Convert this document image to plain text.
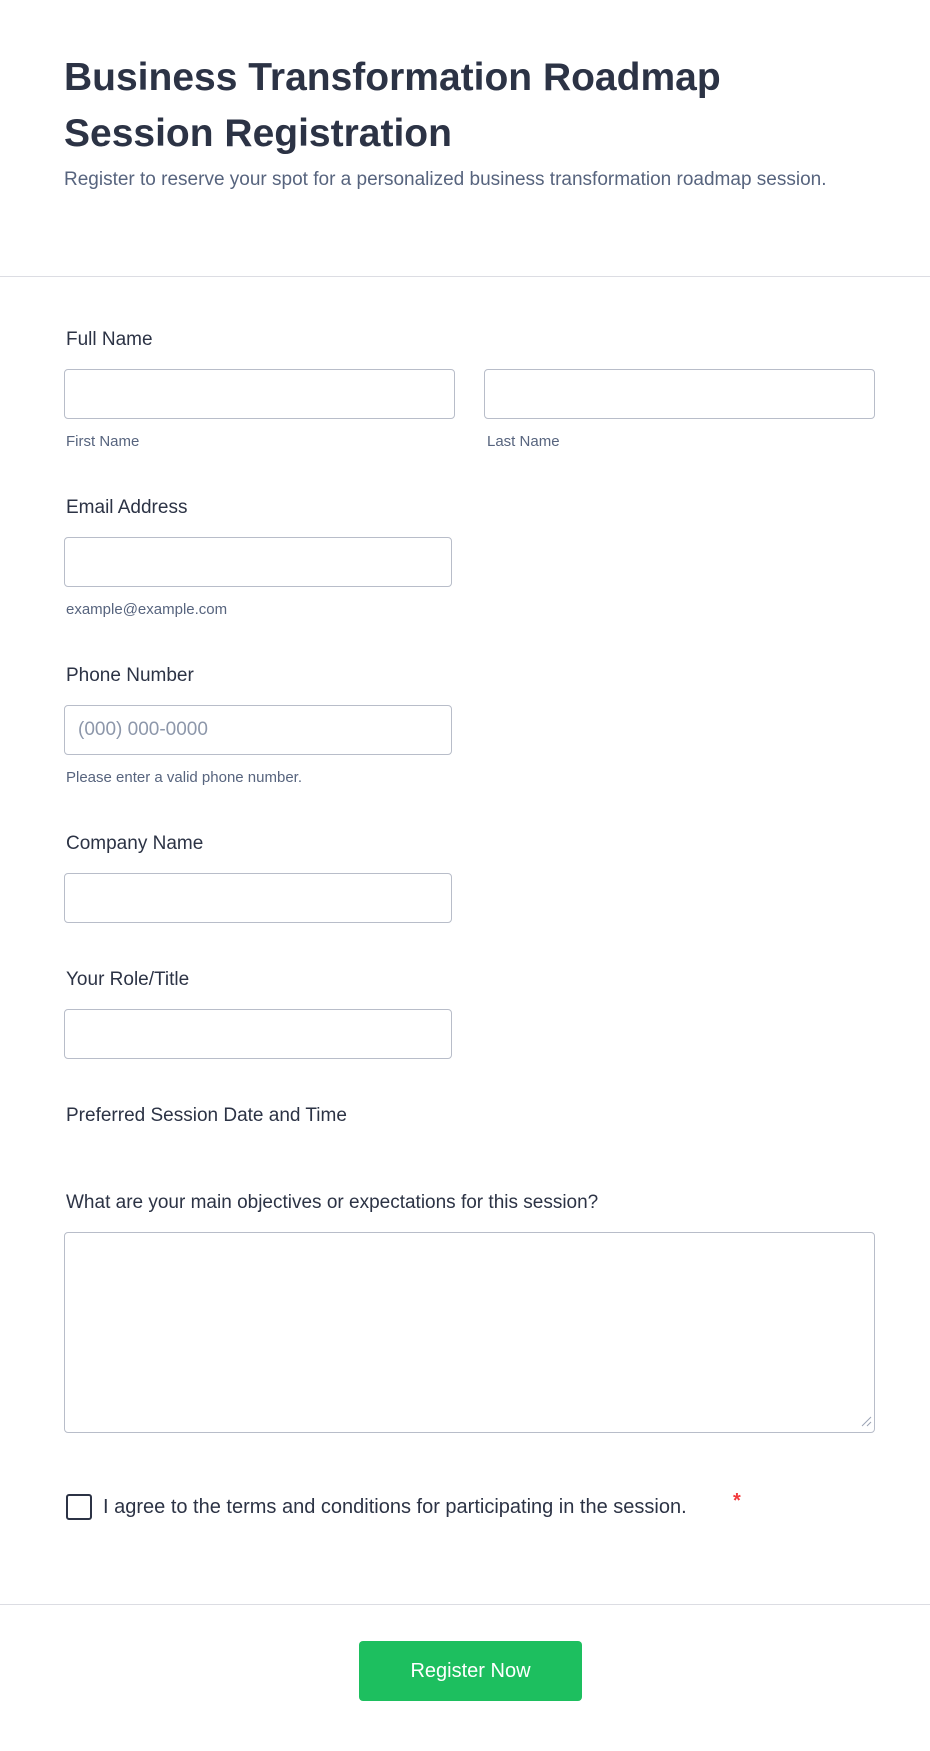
Business Transformation Roadmap Session Registration

Register to reserve your spot for a personalized business transformation roadmap session.

Full Name
First Name	Last Name
Email Address
example@example.com
Phone Number
(000) 000-0000
Please enter a valid phone number.
Company Name
Your Role/Title
Preferred Session Date and Time
What are your main objectives or expectations for this session?
I agree to the terms and conditions for participating in the session. *
Register Now
